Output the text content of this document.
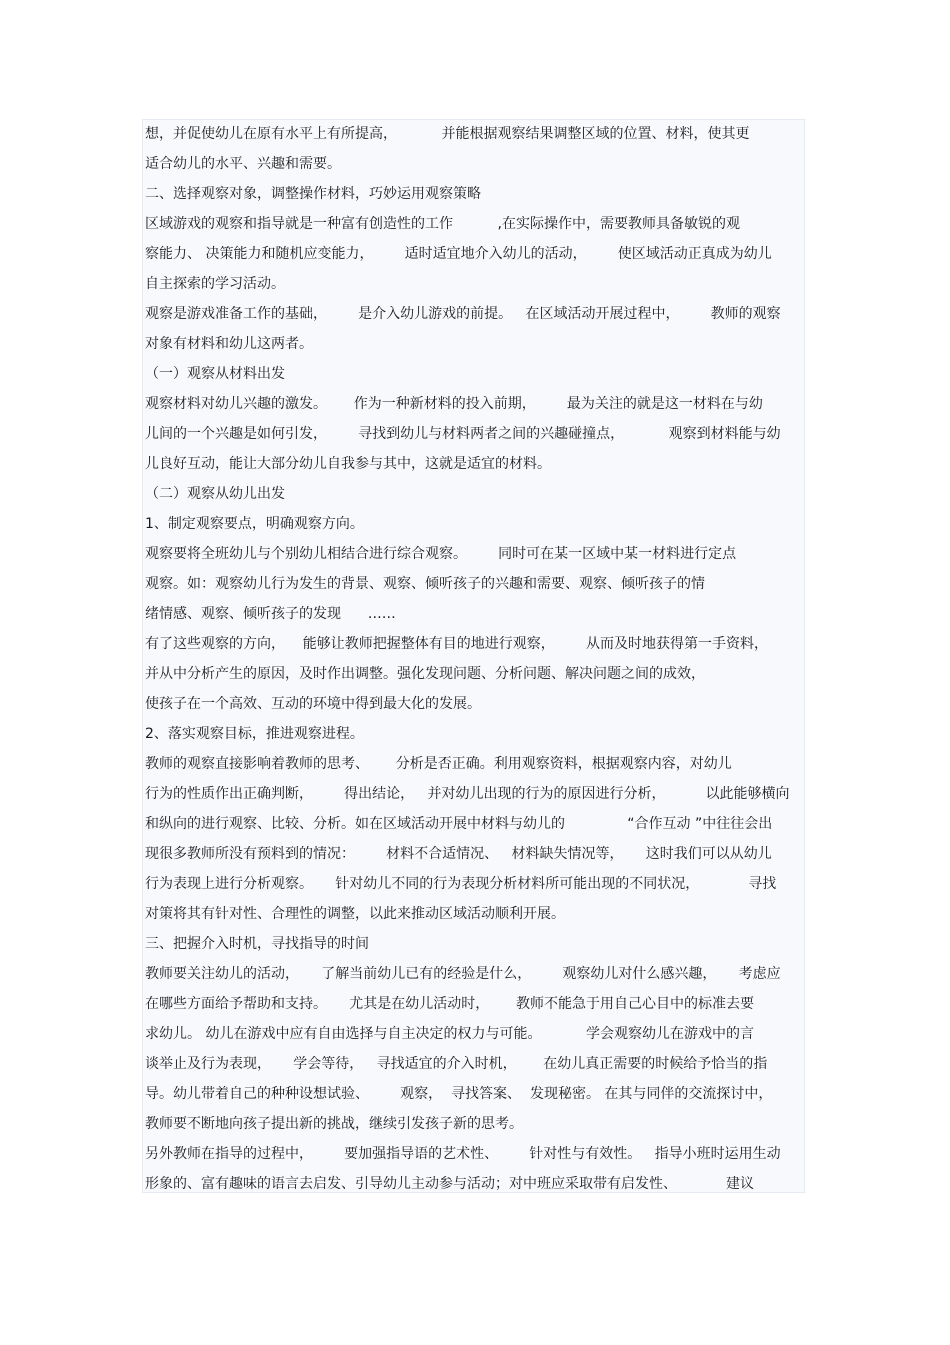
想，并促使幼儿在原有水平上有所提高，          并能根据观察结果调整区域的位置、材料，使其更
适合幼儿的水平、兴趣和需要。
二、选择观察对象，调整操作材料，巧妙运用观察策略
区域游戏的观察和指导就是一种富有创造性的工作          ,在实际操作中，需要教师具备敏锐的观
察能力、 决策能力和随机应变能力，       适时适宜地介入幼儿的活动，       使区域活动正真成为幼儿
自主探索的学习活动。
观察是游戏准备工作的基础，       是介入幼儿游戏的前提。   在区域活动开展过程中，       教师的观察
对象有材料和幼儿这两者。
（一）观察从材料出发
观察材料对幼儿兴趣的激发。      作为一种新材料的投入前期，       最为关注的就是这一材料在与幼
儿间的一个兴趣是如何引发，       寻找到幼儿与材料两者之间的兴趣碰撞点，          观察到材料能与幼
儿良好互动，能让大部分幼儿自我参与其中，这就是适宜的材料。
（二）观察从幼儿出发
1、制定观察要点，明确观察方向。
观察要将全班幼儿与个别幼儿相结合进行综合观察。       同时可在某一区域中某一材料进行定点
观察。如：观察幼儿行为发生的背景、观察、倾听孩子的兴趣和需要、观察、倾听孩子的情
绪情感、观察、倾听孩子的发现      ……
有了这些观察的方向，    能够让教师把握整体有目的地进行观察，       从而及时地获得第一手资料，
并从中分析产生的原因，及时作出调整。强化发现问题、分析问题、解决问题之间的成效，
使孩子在一个高效、互动的环境中得到最大化的发展。
2、落实观察目标，推进观察进程。
教师的观察直接影响着教师的思考、      分析是否正确。利用观察资料，根据观察内容，对幼儿
行为的性质作出正确判断，       得出结论，   并对幼儿出现的行为的原因进行分析，         以此能够横向
和纵向的进行观察、比较、分析。如在区域活动开展中材料与幼儿的              “合作互动 ”中往往会出
现很多教师所没有预料到的情况：       材料不合适情况、   材料缺失情况等，     这时我们可以从幼儿
行为表现上进行分析观察。     针对幼儿不同的行为表现分析材料所可能出现的不同状况，           寻找
对策将其有针对性、合理性的调整，以此来推动区域活动顺利开展。
三、把握介入时机，寻找指导的时间
教师要关注幼儿的活动，     了解当前幼儿已有的经验是什么，       观察幼儿对什么感兴趣，     考虑应
在哪些方面给予帮助和支持。     尤其是在幼儿活动时，      教师不能急于用自己心目中的标准去要
求幼儿。 幼儿在游戏中应有自由选择与自主决定的权力与可能。          学会观察幼儿在游戏中的言
谈举止及行为表现，     学会等待，   寻找适宜的介入时机，      在幼儿真正需要的时候给予恰当的指
导。幼儿带着自己的种种设想试验、       观察，  寻找答案、  发现秘密。 在其与同伴的交流探讨中，
教师要不断地向孩子提出新的挑战，继续引发孩子新的思考。
另外教师在指导的过程中，       要加强指导语的艺术性、       针对性与有效性。   指导小班时运用生动
形象的、富有趣味的语言去启发、引导幼儿主动参与活动；对中班应采取带有启发性、           建议
